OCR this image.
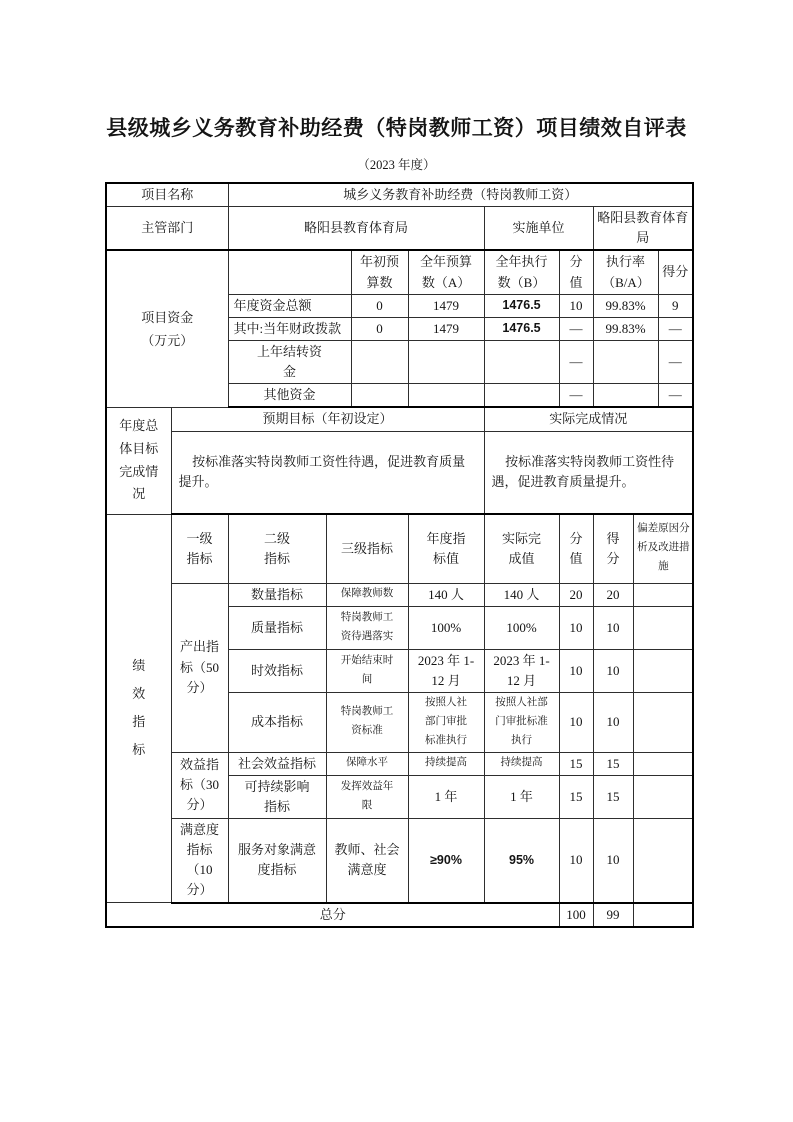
县级城乡义务教育补助经费（特岗教师工资）项目绩效自评表
（2023 年度）
项目名称		城乡义务教育补助经费（特岗教师工资）								
主管部门		略阳县教育体育局				实施单位		略阳县教育体育局		
项目资金（万元）				年初预算数	全年预算数（A）	全年执行数（B）	分值	执行率（B/A）		得分
		年度资金总额		0	1479	1476.5	10	99.83%		9
		其中:当年财政拨款		0	1479	1476.5	—	99.83%		—
		上年结转资金					—			—
		其他资金					—			—
年度总体目标完成情况	预期目标（年初设定）					实际完成情况				
	按标准落实特岗教师工资性待遇，促进教育质量提升。					按标准落实特岗教师工资性待遇，促进教育质量提升。				
绩效指标	一级指标	二级指标	三级指标		年度指标值	实际完成值	分值	得分	偏差原因分析及改进措施	
	产出指标（50分）	数量指标	保障教师数		140 人	140 人	20	20		
		质量指标	特岗教师工资待遇落实		100%	100%	10	10		
		时效指标	开始结束时间		2023 年 1-12 月	2023 年 1-12 月	10	10		
		成本指标	特岗教师工资标准		按照人社部门审批标准执行	按照人社部门审批标准执行	10	10		
	效益指标（30分）	社会效益指标	保障水平		持续提高	持续提高	15	15		
		可持续影响指标	发挥效益年限		1 年	1 年	15	15		
	满意度指标（10分）	服务对象满意度指标	教师、社会满意度		≥90%	95%	10	10		
总分							100	99		
